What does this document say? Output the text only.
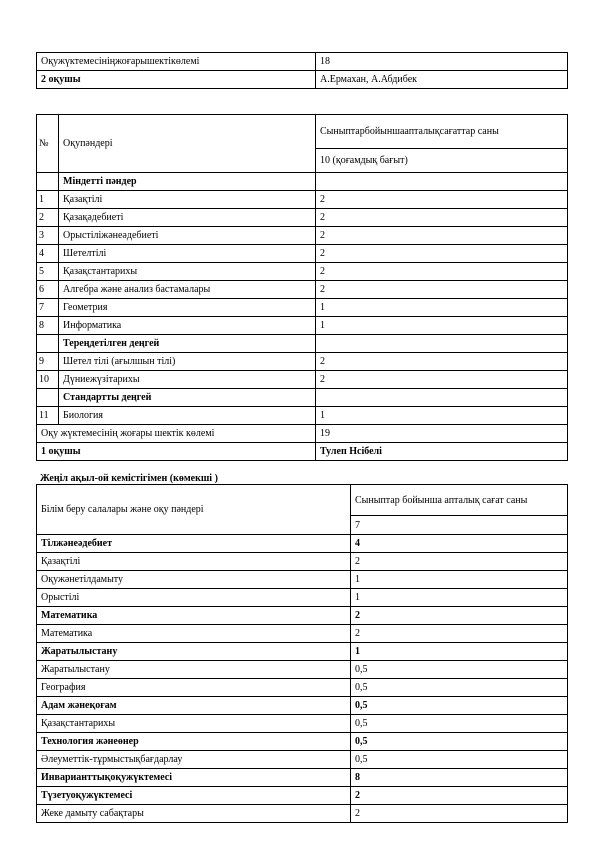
Оқужүктемесініңжоғарышектікөлемі	18
2 оқушы	А.Ермахан, А.Абдибек
№	Оқупәндері	Сыныптарбойыншаапталықсағаттар саны
		10 (қоғамдық бағыт)
	Міндетті пәндер	
1	Қазақтілі	2
2	Қазақәдебиеті	2
3	Орыстіліжәнеәдебиеті	2
4	Шетелтілі	2
5	Қазақстантарихы	2
6	Алгебра және анализ бастамалары	2
7	Геометрия	1
8	Информатика	1
	Тереңдетілген деңгей	
9	Шетел тілі (ағылшын тілі)	2
10	Дүниежүзітарихы	2
	Стандартты деңгей	
11	Биология	1
Оқу жүктемесінің жоғары шектік көлемі		19
1 оқушы		Тулеп Нсібелі
Жеңіл ақыл-ой кемістігімен (көмекші )
Білім беру салалары және оқу пәндері	Сыныптар бойынша апталық сағат саны
	7
Тілжәнеәдебиет	4
Қазақтілі	2
Оқужәнетілдамыту	1
Орыстілі	1
Математика	2
Математика	2
Жаратылыстану	1
Жаратылыстану	0,5
География	0,5
Адам жәнеқоғам	0,5
Қазақстантарихы	0,5
Технология жәнеөнер	0,5
Әлеуметтік-тұрмыстықбағдарлау	0,5
Инварианттықоқужүктемесі	8
Түзетуоқужүктемесі	2
Жеке дамыту сабақтары	2
